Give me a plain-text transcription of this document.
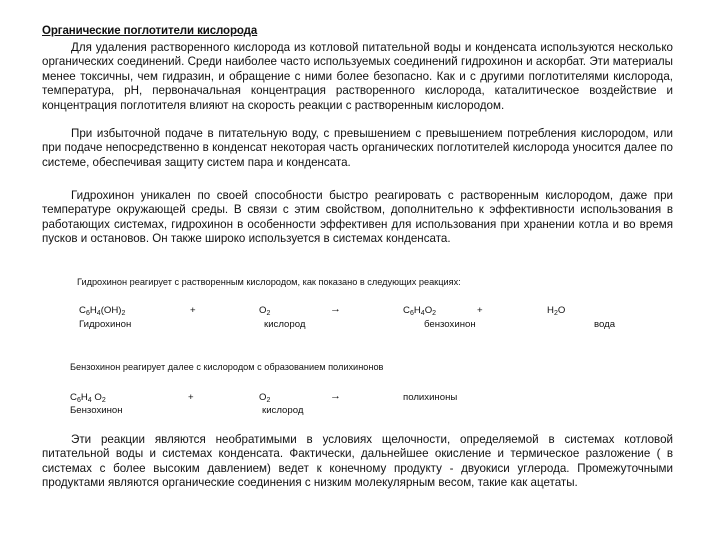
Органические поглотители кислорода

Для удаления растворенного кислорода из котловой питательной воды и конденсата используются несколько органических соединений. Среди наиболее часто используемых соединений гидрохинон и аскорбат. Эти материалы менее токсичны, чем гидразин, и обращение с ними более безопасно. Как и с другими поглотителями кислорода, температура, pH, первоначальная концентрация растворенного кислорода, каталитическое воздействие и концентрация поглотителя влияют на скорость реакции с растворенным кислородом.

При избыточной подаче в питательную воду, с превышением с превышением потребления кислородом, или при подаче непосредственно в конденсат некоторая часть органических поглотителей кислорода уносится далее по системе, обеспечивая защиту систем пара и конденсата.

Гидрохинон уникален по своей способности быстро реагировать с растворенным кислородом, даже при температуре окружающей среды. В связи с этим свойством, дополнительно к эффективности использования в работающих системах, гидрохинон в особенности эффективен для использования при хранении котла и во время пусков и остановов. Он также широко используется в системах конденсата.

Гидрохинон реагирует с растворенным кислородом, как показано в следующих реакциях:
$C_6H_4(OH)_2$
Гидрохинон
+	$O_2$
кислород
→	$C_6H_4O_2$
бензохинон
+	$H_2O$
вода
Бензохинон реагирует далее с кислородом с образованием полихинонов
$C_6H_4$ $O_2$
Бензохинон
+	$O_2$
кислород
→	полихиноны

Эти реакции являются необратимыми в условиях щелочности, определяемой в системах котловой питательной воды и системах конденсата. Фактически, дальнейшее окисление и термическое разложение ( в системах с более высоким давлением) ведет к конечному продукту - двуокиси углерода. Промежуточными продуктами являются органические соединения с низким молекулярным весом, такие как ацетаты.
